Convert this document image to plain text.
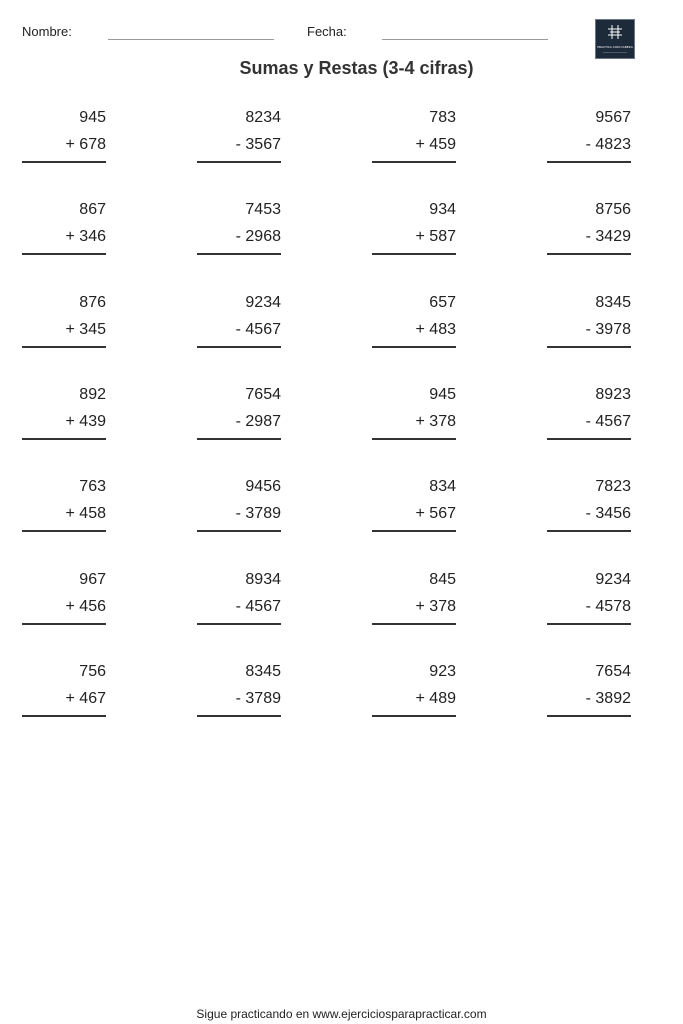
Nombre:	Fecha:
PRÁCTICA CON CABEZA
Sumas y Restas (3-4 cifras)
945
+ 678
8234
- 3567
783
+ 459
9567
- 4823
867
+ 346
7453
- 2968
934
+ 587
8756
- 3429
876
+ 345
9234
- 4567
657
+ 483
8345
- 3978
892
+ 439
7654
- 2987
945
+ 378
8923
- 4567
763
+ 458
9456
- 3789
834
+ 567
7823
- 3456
967
+ 456
8934
- 4567
845
+ 378
9234
- 4578
756
+ 467
8345
- 3789
923
+ 489
7654
- 3892
Sigue practicando en www.ejerciciosparapracticar.com
